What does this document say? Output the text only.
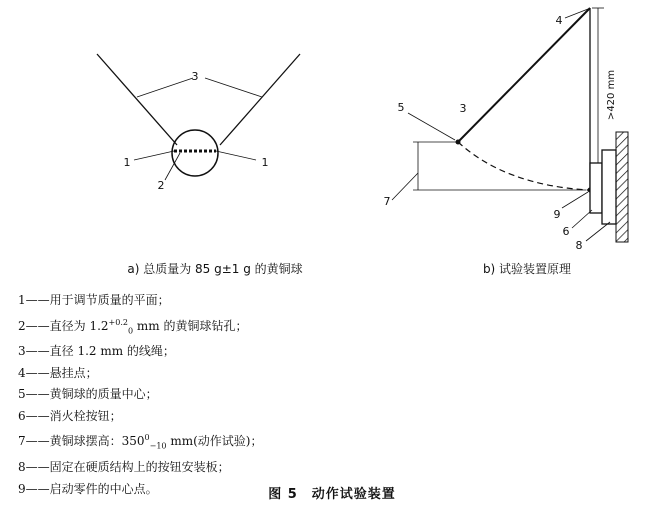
3
1	1
2
a) 总质量为 85 g±1 g 的黄铜球
7
5	3
4
>420 mm
9
6
8
b) 试验装置原理
1——用于调节质量的平面；
2——直径为 $1.2^{+0.2}_0$ mm 的黄铜球钻孔；
3——直径 1.2 mm 的线绳；
4——悬挂点；
5——黄铜球的质量中心；
6——消火栓按钮；
7——黄铜球摆高：$350^0_{-10}$ mm(动作试验)；
8——固定在硬质结构上的按钮安装板；
9——启动零件的中心点。	图 5　动作试验装置
